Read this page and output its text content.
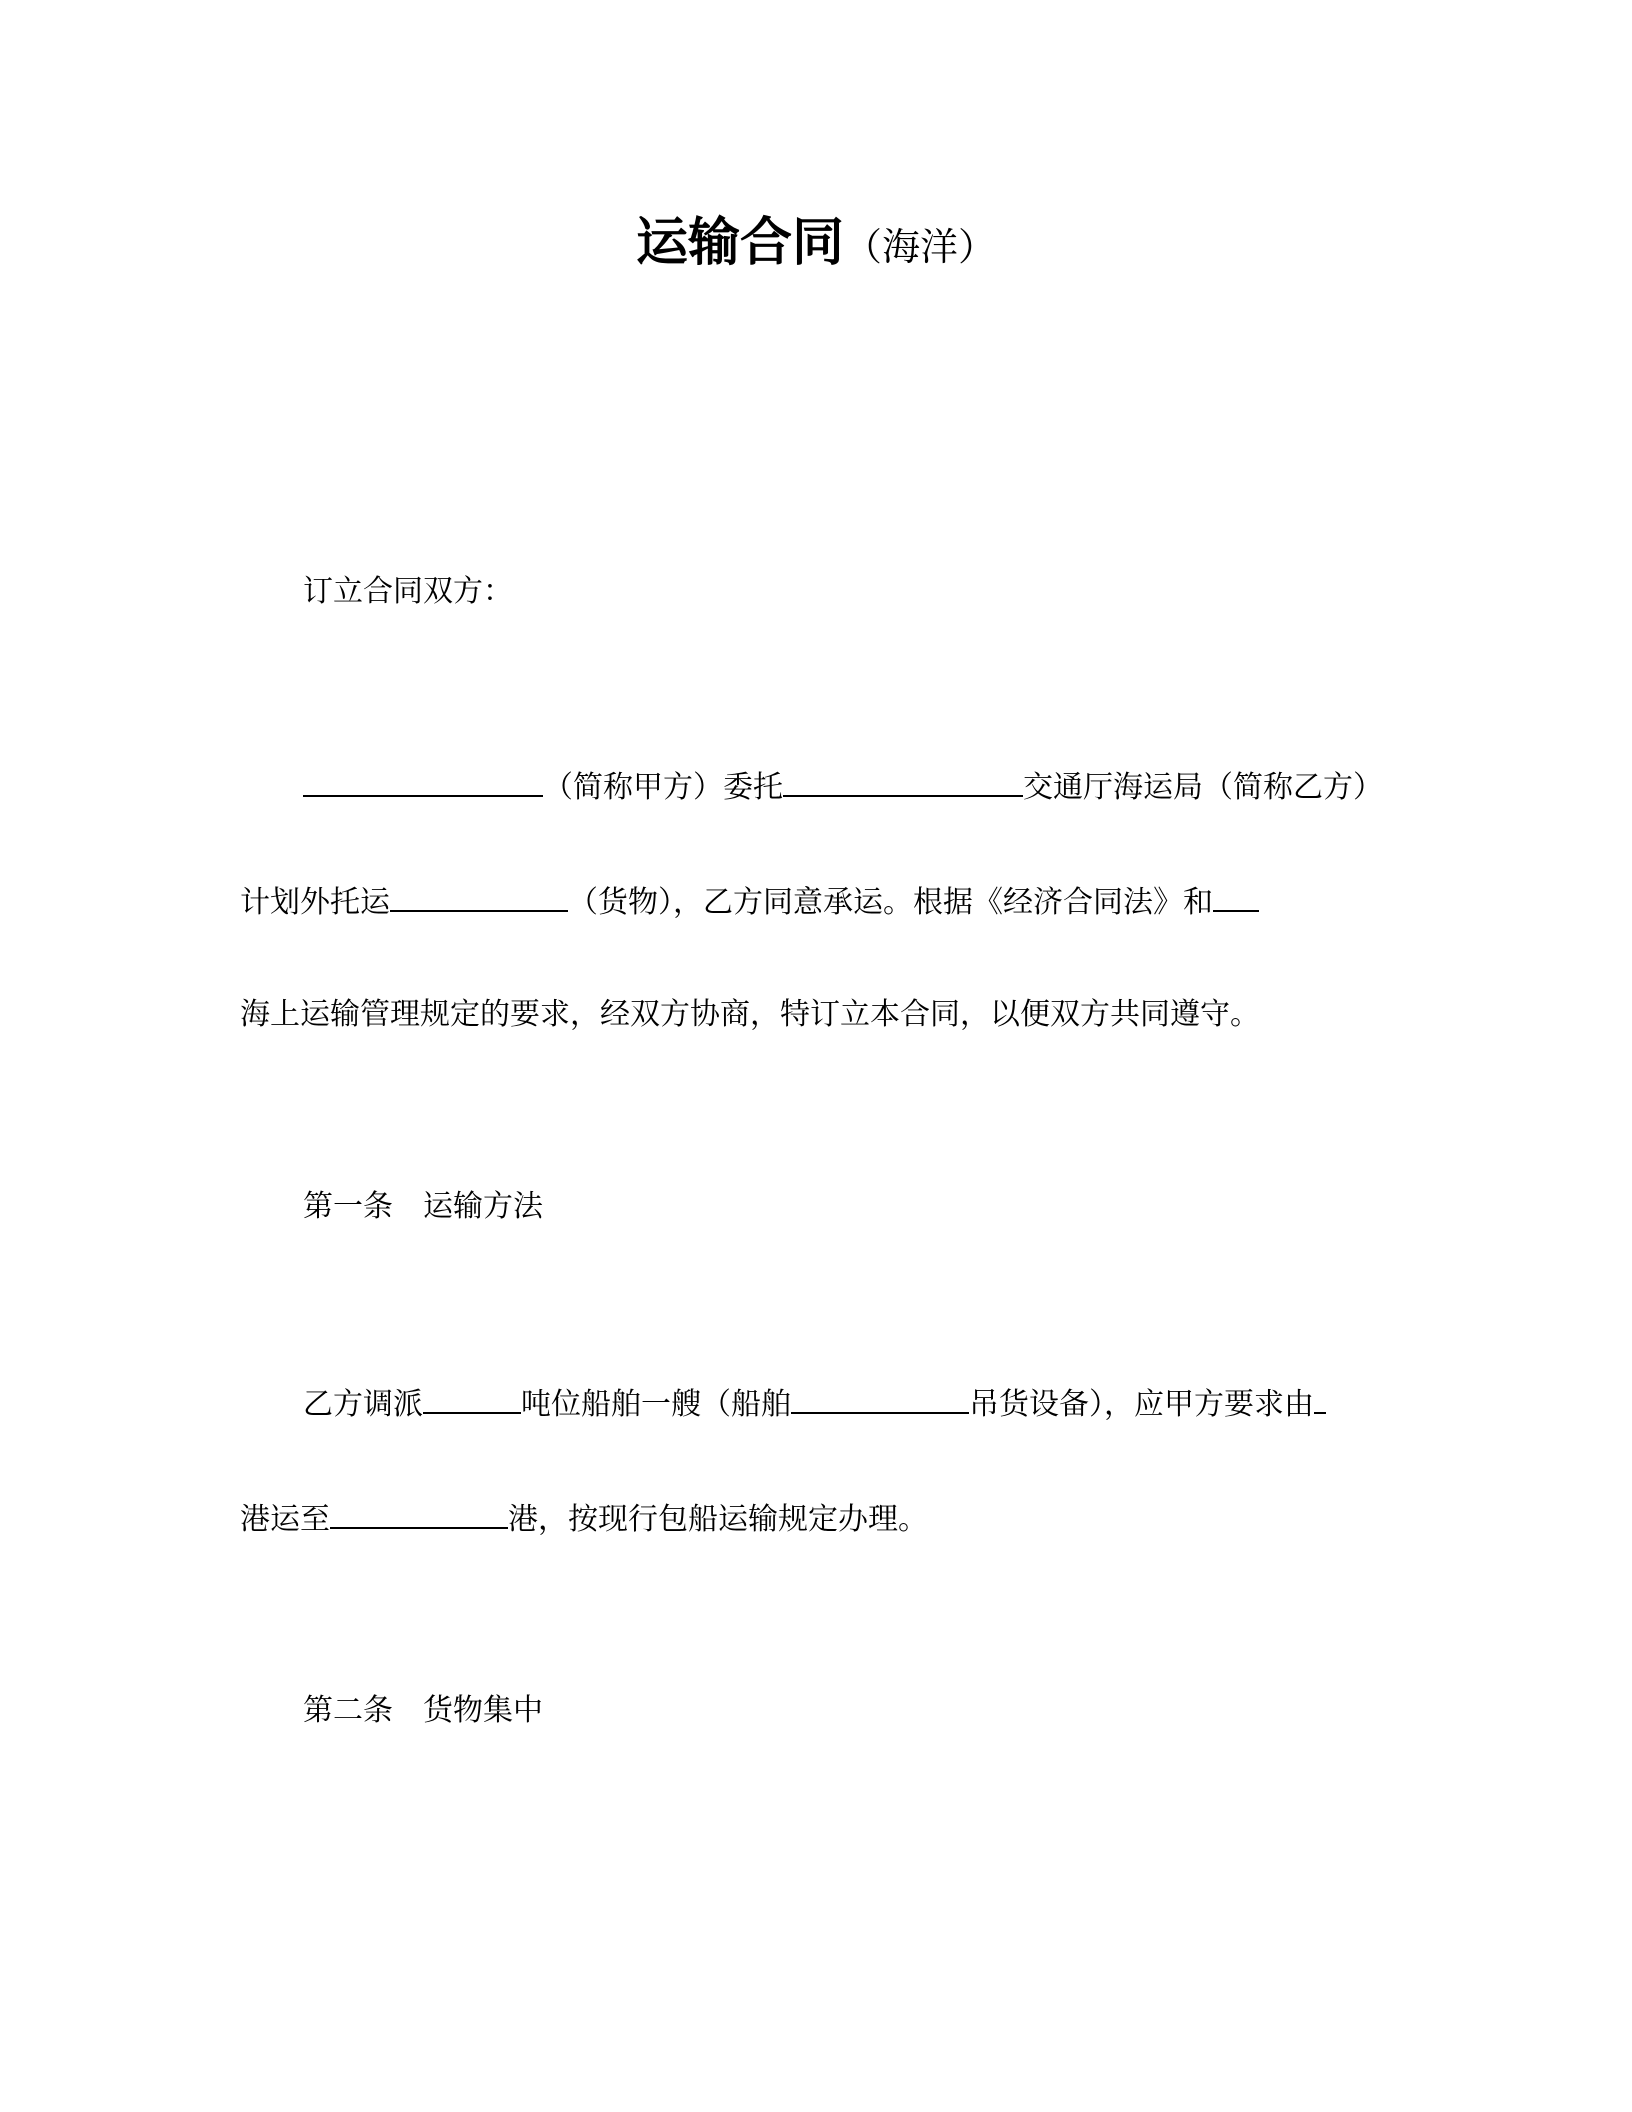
运输合同（海洋）
订立合同双方：
（简称甲方）委托	交通厅海运局（简称乙方）
计划外托运	（货物），乙方同意承运。根据《经济合同法》和
海上运输管理规定的要求，经双方协商，特订立本合同，以便双方共同遵守。
第一条　运输方法
乙方调派	吨位船舶一艘（船舶	吊货设备），应甲方要求由
港运至	港，按现行包船运输规定办理。
第二条　货物集中
